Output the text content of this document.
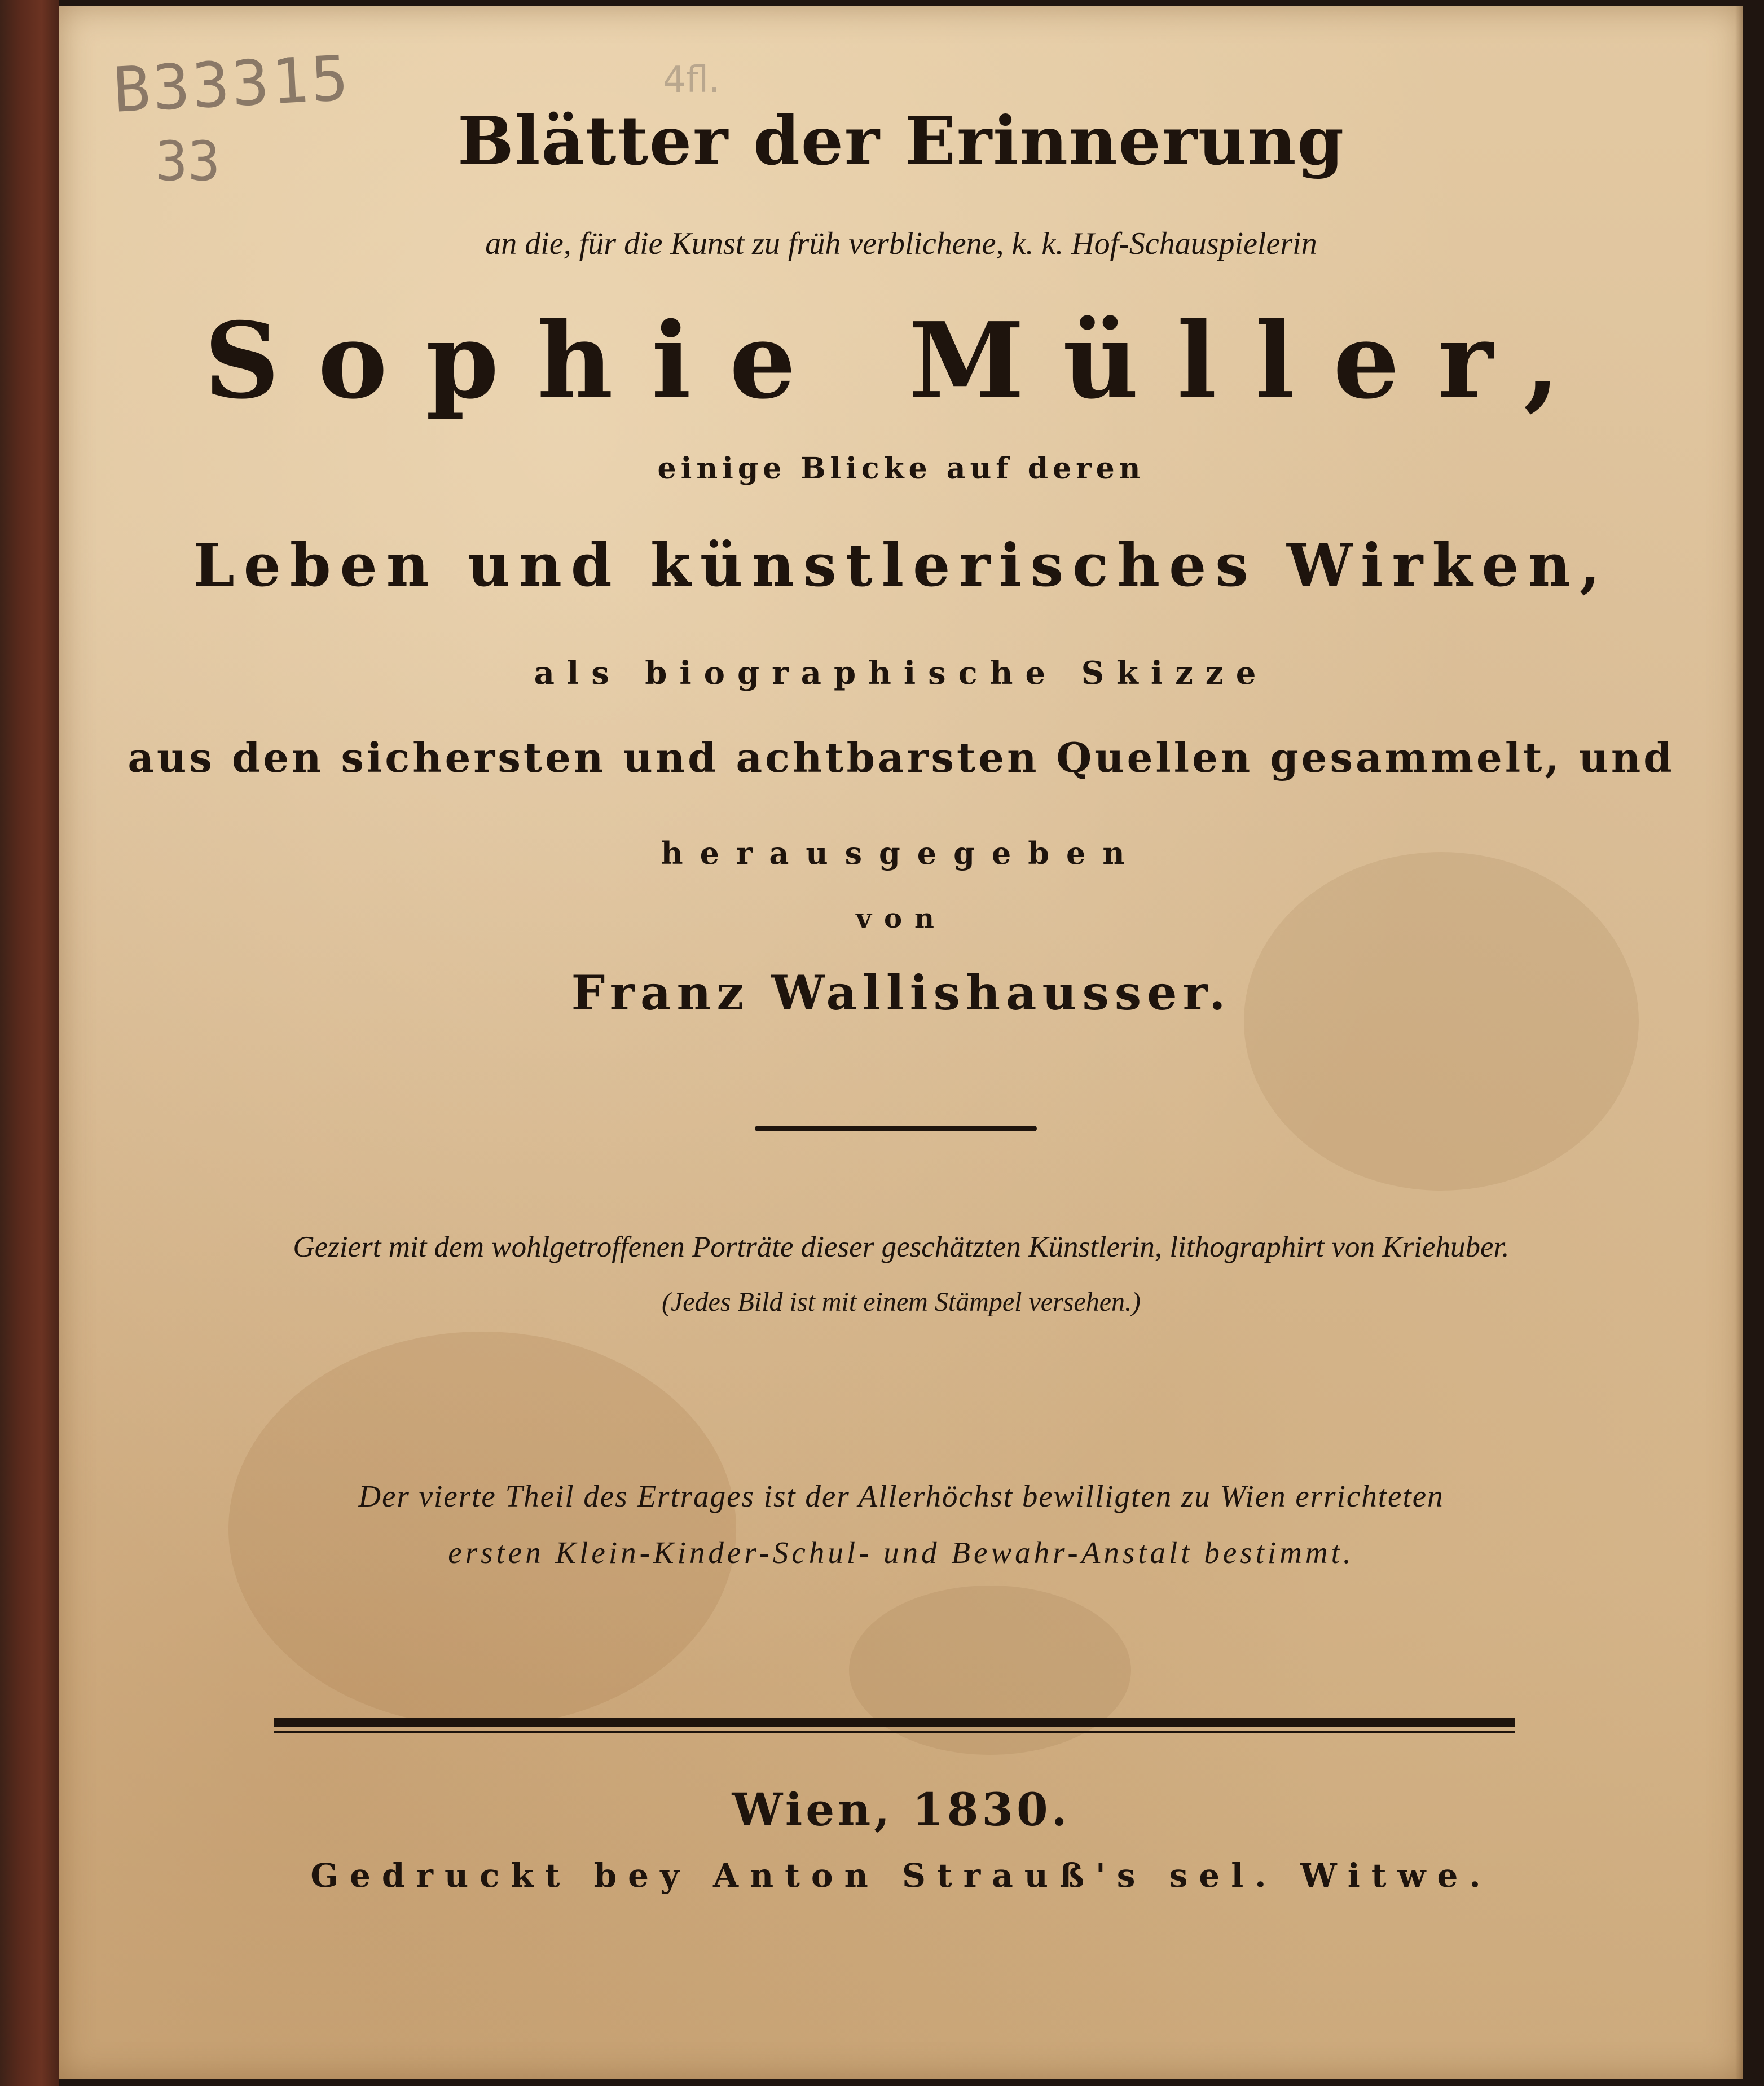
B33315
33
4fl.
Blätter der Erinnerung
an die, für die Kunst zu früh verblichene, k. k. Hof-Schauspielerin
Sophie Müller,
einige Blicke auf deren
Leben und künstlerisches Wirken,
als biographische Skizze
aus den sichersten und achtbarsten Quellen gesammelt, und
herausgegeben
von
Franz Wallishausser.
Geziert mit dem wohlgetroffenen Porträte dieser geschätzten Künstlerin, lithographirt von Kriehuber.
(Jedes Bild ist mit einem Stämpel versehen.)
Der vierte Theil des Ertrages ist der Allerhöchst bewilligten zu Wien errichteten
ersten Klein-Kinder-Schul- und Bewahr-Anstalt bestimmt.
Wien, 1830.
Gedruckt bey Anton Strauß's sel. Witwe.
